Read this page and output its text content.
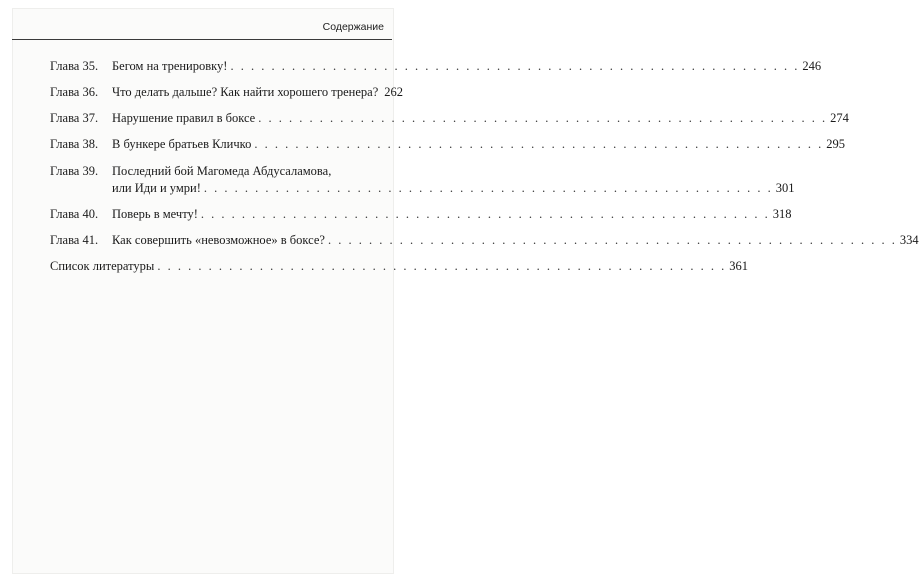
Содержание
Глава 35.	Бегом на тренировку! . . . . . . . . . . . . . . . . . . . . . . . . . . . . . . . . . . . . . . . . . . . . . . . . . . . . . . . . 246
Глава 36.	Что делать дальше? Как найти хорошего тренера? 262
Глава 37.	Нарушение правил в боксе . . . . . . . . . . . . . . . . . . . . . . . . . . . . . . . . . . . . . . . . . . . . . . . . . . . . . . . . 274
Глава 38.	В бункере братьев Кличко . . . . . . . . . . . . . . . . . . . . . . . . . . . . . . . . . . . . . . . . . . . . . . . . . . . . . . . . 295
Глава 39.	Последний бой Магомеда Абдусаламова,
или Иди и умри! . . . . . . . . . . . . . . . . . . . . . . . . . . . . . . . . . . . . . . . . . . . . . . . . . . . . . . . . 301
Глава 40.	Поверь в мечту! . . . . . . . . . . . . . . . . . . . . . . . . . . . . . . . . . . . . . . . . . . . . . . . . . . . . . . . . 318
Глава 41.	Как совершить «невозможное» в боксе? . . . . . . . . . . . . . . . . . . . . . . . . . . . . . . . . . . . . . . . . . . . . . . . . . . . . . . . . 334
Список литературы . . . . . . . . . . . . . . . . . . . . . . . . . . . . . . . . . . . . . . . . . . . . . . . . . . . . . . . . 361
